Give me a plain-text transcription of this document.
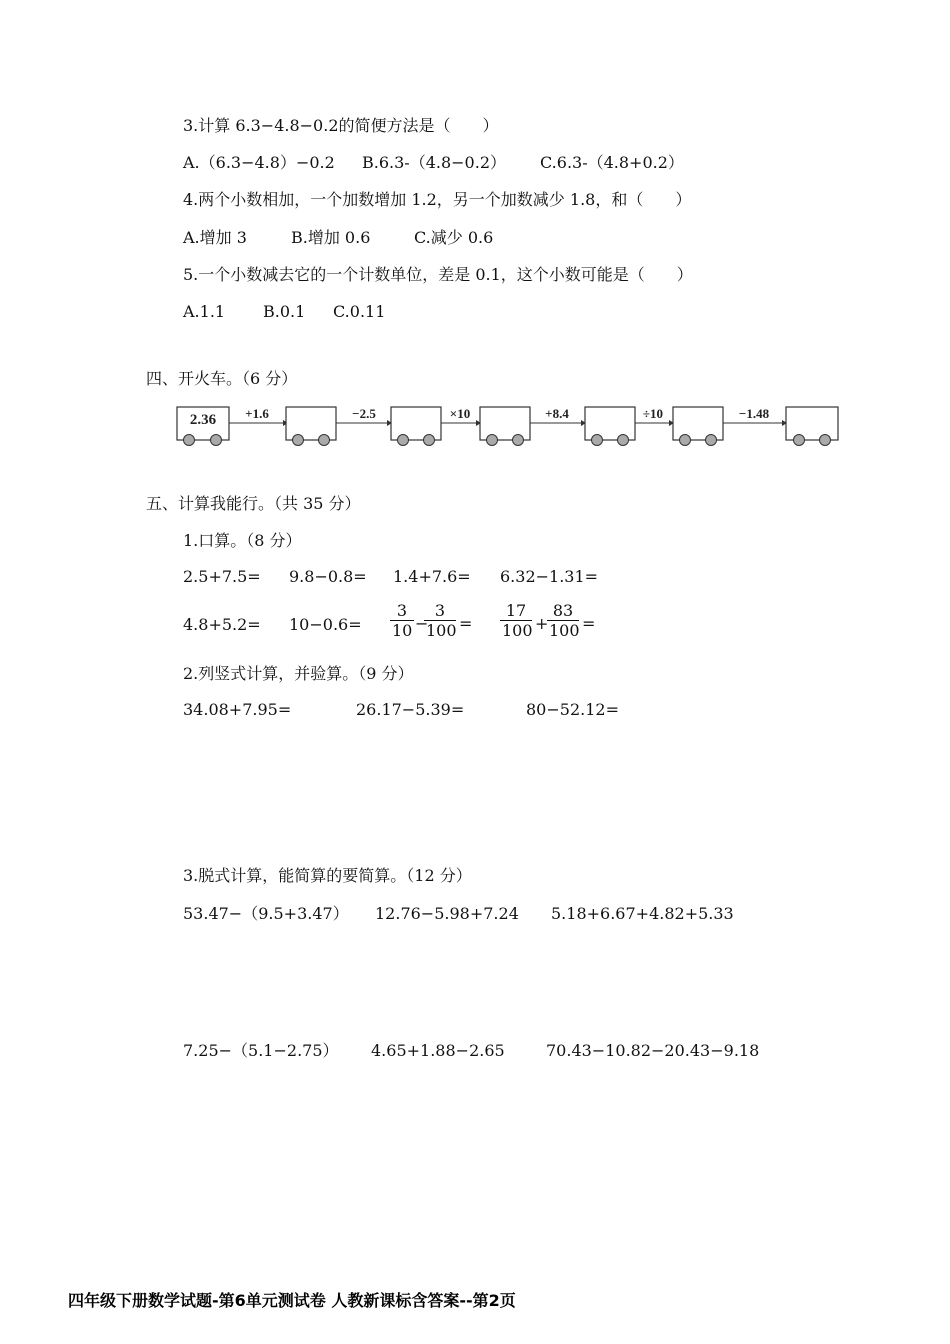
3.计算 6.3−4.8−0.2的简便方法是（　　）
A.（6.3−4.8）−0.2 B.6.3-（4.8−0.2） C.6.3-（4.8+0.2）
4.两个小数相加，一个加数增加 1.2，另一个加数减少 1.8，和（　　）
A.增加 3	B.增加 0.6	C.减少 0.6
5.一个小数减去它的一个计数单位，差是 0.1，这个小数可能是（　　）
A.1.1 B.0.1 C.0.11
四、开火车。（6 分）
2.36 +1.6	−2.5	×10	+8.4	÷10	−1.48
五、计算我能行。（共 35 分）
1.口算。（8 分）
2.5+7.5= 9.8−0.8= 1.4+7.6= 6.32−1.31=
4.8+5.2= 10−0.6=
3
10 −
3
100 =
17
100 +
83
100 =
2.列竖式计算，并验算。（9 分）
34.08+7.95=	26.17−5.39=	80−52.12=
3.脱式计算，能简算的要简算。（12 分）
53.47−（9.5+3.47） 12.76−5.98+7.24 5.18+6.67+4.82+5.33
7.25−（5.1−2.75） 4.65+1.88−2.65	70.43−10.82−20.43−9.18
四年级下册数学试题-第6单元测试卷 人教新课标含答案--第2页
